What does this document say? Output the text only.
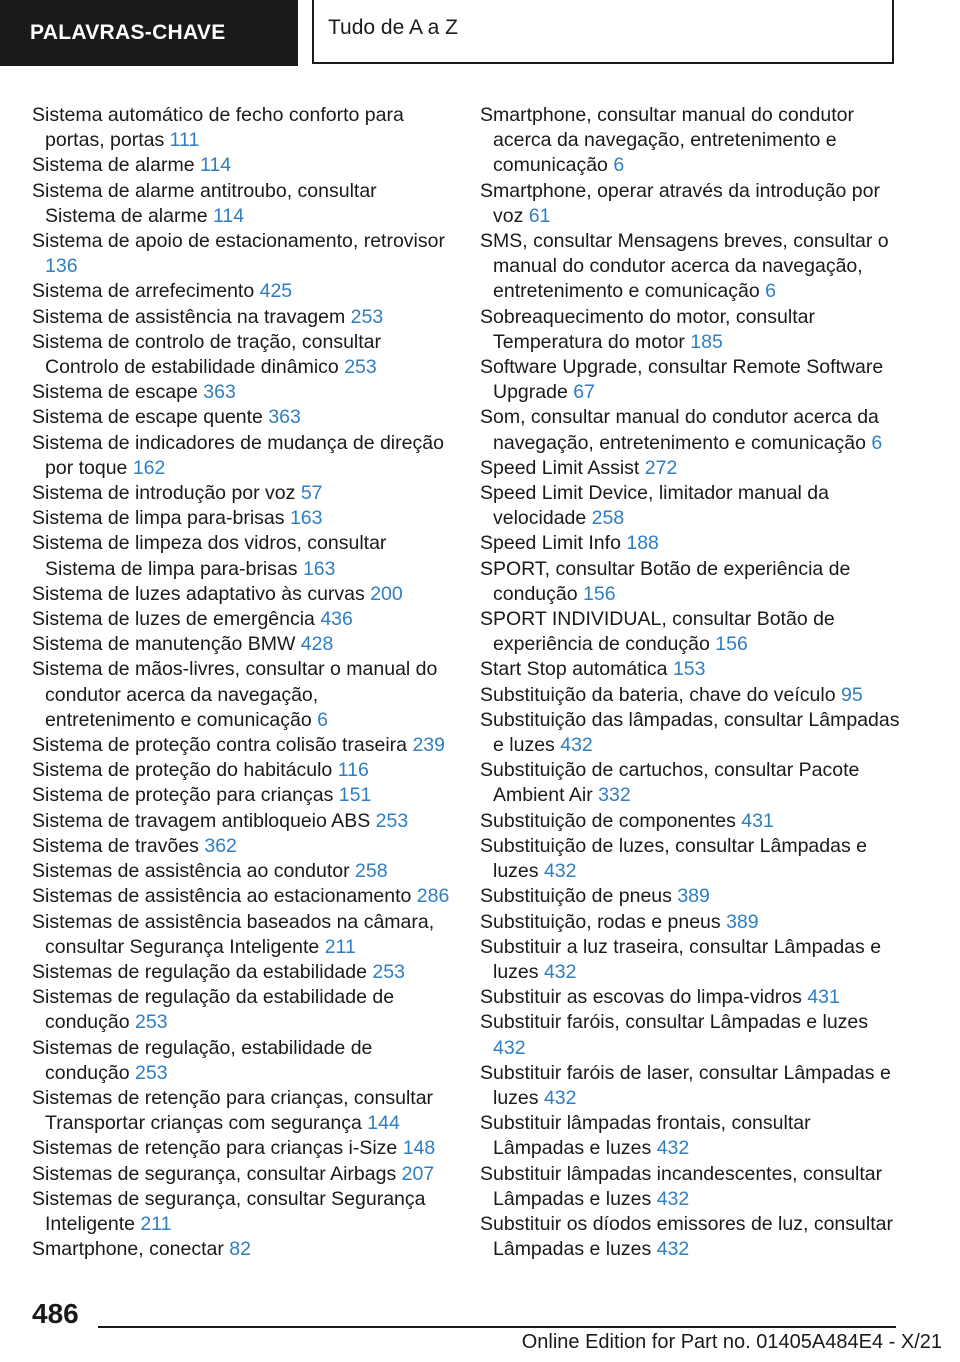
PALAVRAS-CHAVE	Tudo de A a Z
Sistema automático de fecho conforto para portas, portas 111
Sistema de alarme 114
Sistema de alarme antitroubo, consultar Sistema de alarme 114
Sistema de apoio de estacionamento, retrovisor 136
Sistema de arrefecimento 425
Sistema de assistência na travagem 253
Sistema de controlo de tração, consultar Controlo de estabilidade dinâmico 253
Sistema de escape 363
Sistema de escape quente 363
Sistema de indicadores de mudança de direção por toque 162
Sistema de introdução por voz 57
Sistema de limpa para-brisas 163
Sistema de limpeza dos vidros, consultar Sistema de limpa para-brisas 163
Sistema de luzes adaptativo às curvas 200
Sistema de luzes de emergência 436
Sistema de manutenção BMW 428
Sistema de mãos-livres, consultar o manual do condutor acerca da navegação, entretenimento e comunicação 6
Sistema de proteção contra colisão traseira 239
Sistema de proteção do habitáculo 116
Sistema de proteção para crianças 151
Sistema de travagem antibloqueio ABS 253
Sistema de travões 362
Sistemas de assistência ao condutor 258
Sistemas de assistência ao estacionamento 286
Sistemas de assistência baseados na câmara, consultar Segurança Inteligente 211
Sistemas de regulação da estabilidade 253
Sistemas de regulação da estabilidade de condução 253
Sistemas de regulação, estabilidade de condução 253
Sistemas de retenção para crianças, consultar Transportar crianças com segurança 144
Sistemas de retenção para crianças i-Size 148
Sistemas de segurança, consultar Airbags 207
Sistemas de segurança, consultar Segurança Inteligente 211
Smartphone, conectar 82
Smartphone, consultar manual do condutor acerca da navegação, entretenimento e comunicação 6
Smartphone, operar através da introdução por voz 61
SMS, consultar Mensagens breves, consultar o manual do condutor acerca da navegação, entretenimento e comunicação 6
Sobreaquecimento do motor, consultar Temperatura do motor 185
Software Upgrade, consultar Remote Software Upgrade 67
Som, consultar manual do condutor acerca da navegação, entretenimento e comunicação 6
Speed Limit Assist 272
Speed Limit Device, limitador manual da velocidade 258
Speed Limit Info 188
SPORT, consultar Botão de experiência de condução 156
SPORT INDIVIDUAL, consultar Botão de experiência de condução 156
Start Stop automática 153
Substituição da bateria, chave do veículo 95
Substituição das lâmpadas, consultar Lâmpadas e luzes 432
Substituição de cartuchos, consultar Pacote Ambient Air 332
Substituição de componentes 431
Substituição de luzes, consultar Lâmpadas e luzes 432
Substituição de pneus 389
Substituição, rodas e pneus 389
Substituir a luz traseira, consultar Lâmpadas e luzes 432
Substituir as escovas do limpa-vidros 431
Substituir faróis, consultar Lâmpadas e luzes 432
Substituir faróis de laser, consultar Lâmpadas e luzes 432
Substituir lâmpadas frontais, consultar Lâmpadas e luzes 432
Substituir lâmpadas incandescentes, consultar Lâmpadas e luzes 432
Substituir os díodos emissores de luz, consultar Lâmpadas e luzes 432
486
Online Edition for Part no. 01405A484E4 - X/21
